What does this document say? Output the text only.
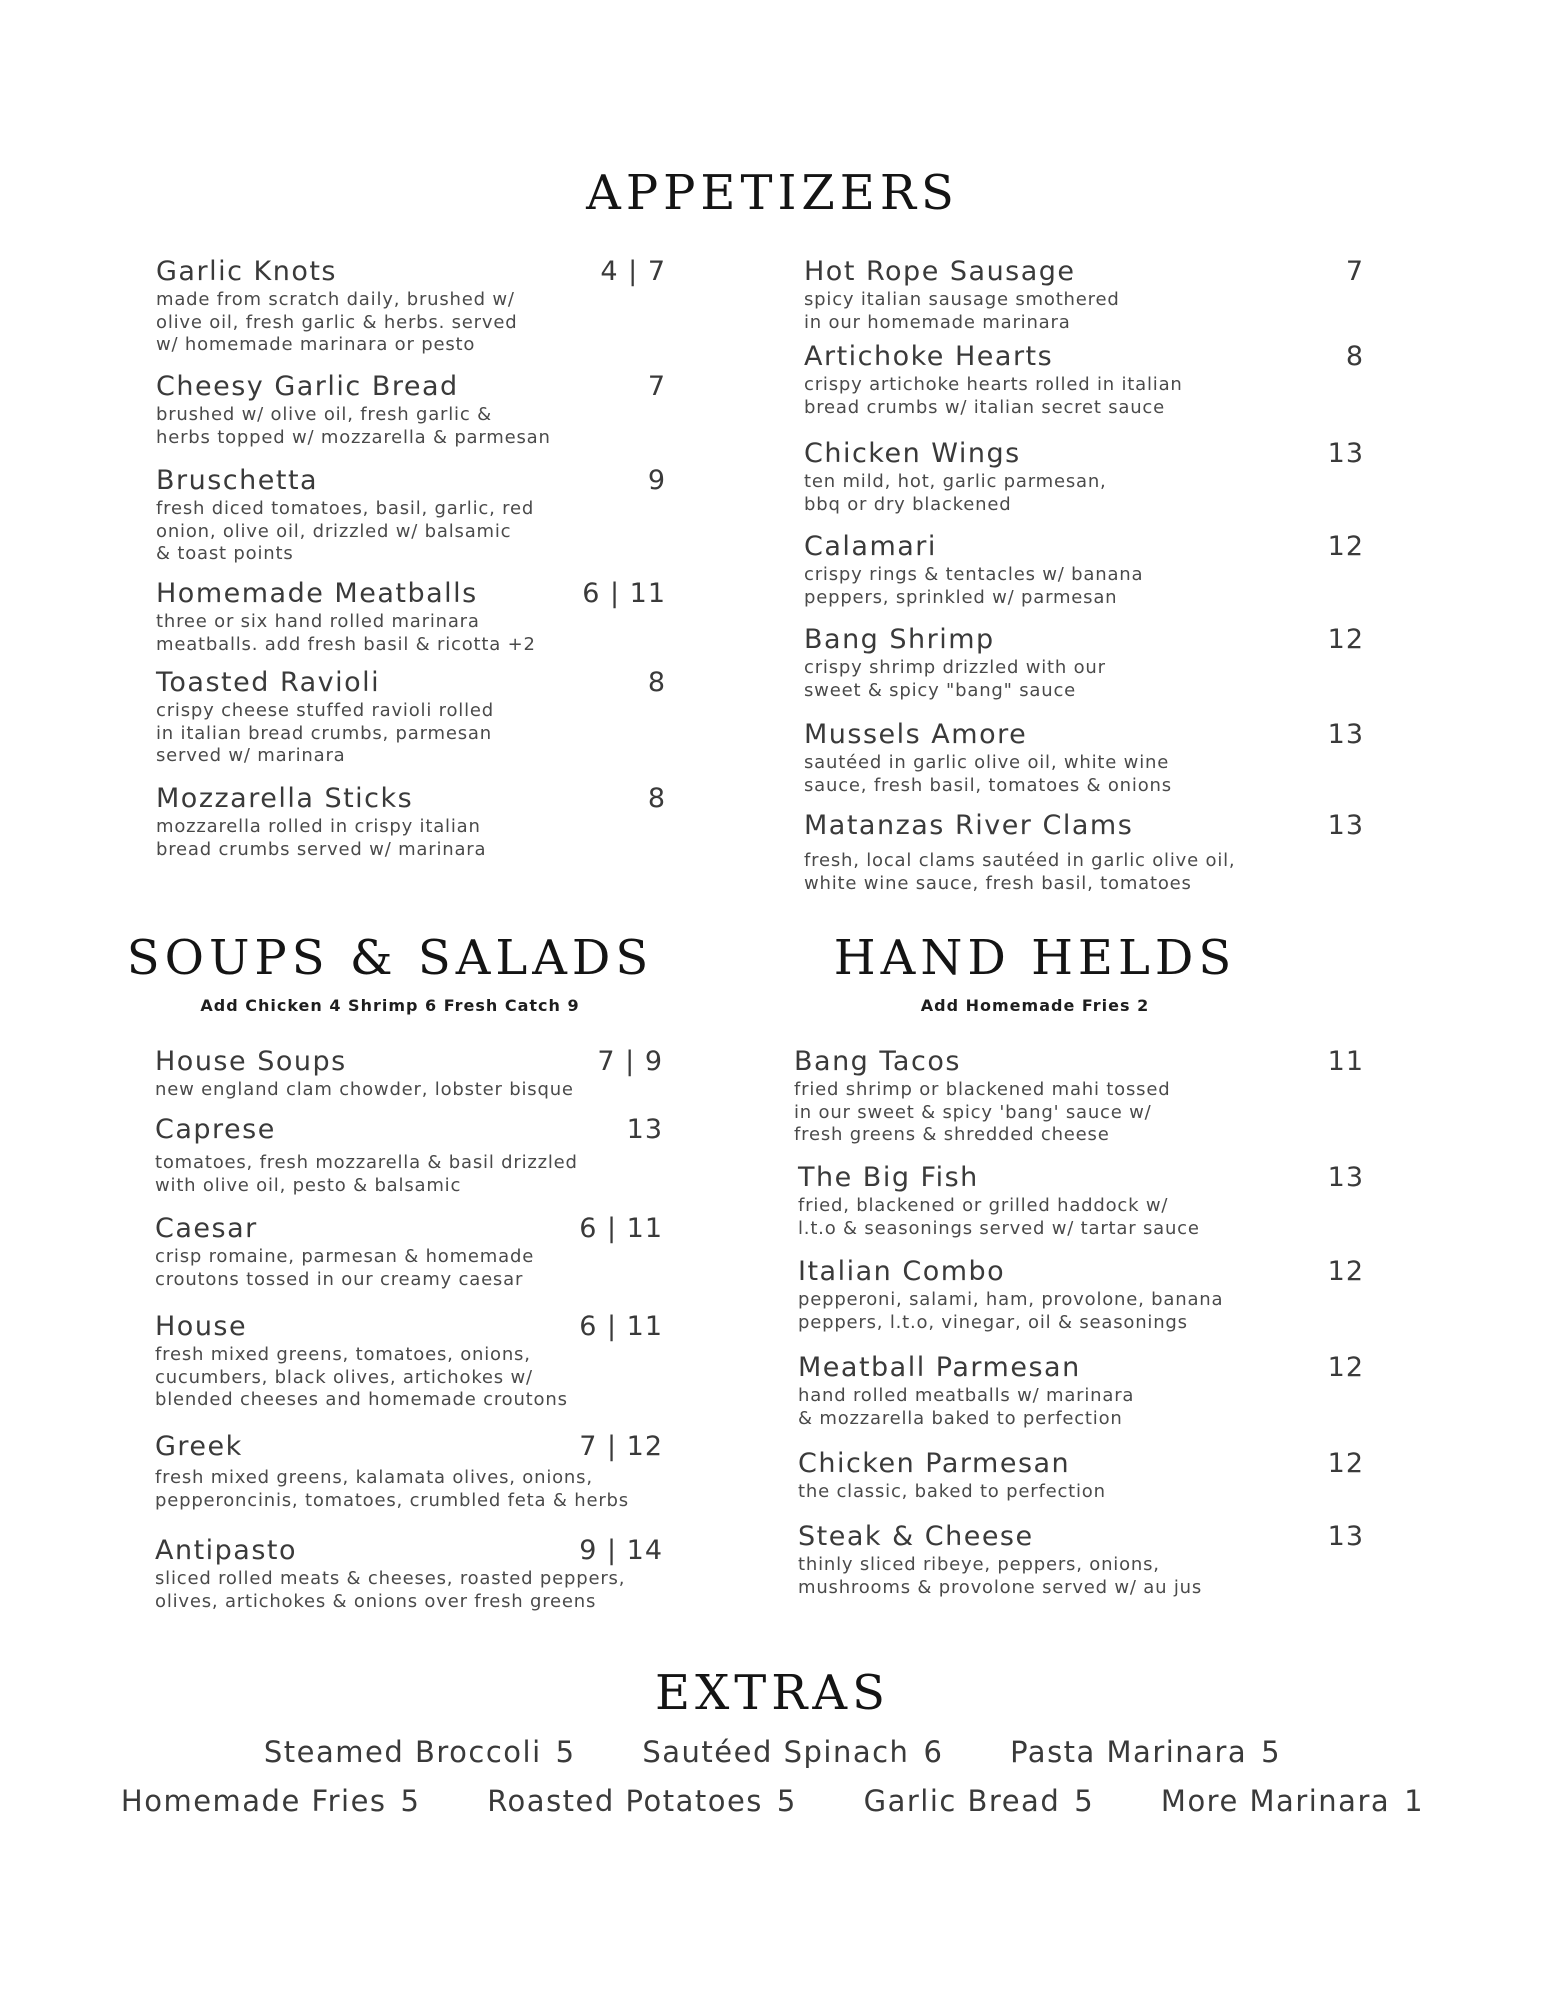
APPETIZERS
Garlic Knots	4 | 7
made from scratch daily, brushed w/
olive oil, fresh garlic & herbs. served
w/ homemade marinara or pesto
Cheesy Garlic Bread	7
brushed w/ olive oil, fresh garlic &
herbs topped w/ mozzarella & parmesan
Bruschetta	9
fresh diced tomatoes, basil, garlic, red
onion, olive oil, drizzled w/ balsamic
& toast points
Homemade Meatballs	6 | 11
three or six hand rolled marinara
meatballs. add fresh basil & ricotta +2
Toasted Ravioli	8
crispy cheese stuffed ravioli rolled
in italian bread crumbs, parmesan
served w/ marinara
Mozzarella Sticks	8
mozzarella rolled in crispy italian
bread crumbs served w/ marinara
Hot Rope Sausage	7
spicy italian sausage smothered
in our homemade marinara
Artichoke Hearts	8
crispy artichoke hearts rolled in italian
bread crumbs w/ italian secret sauce
Chicken Wings	13
ten mild, hot, garlic parmesan,
bbq or dry blackened
Calamari	12
crispy rings & tentacles w/ banana
peppers, sprinkled w/ parmesan
Bang Shrimp	12
crispy shrimp drizzled with our
sweet & spicy "bang" sauce
Mussels Amore	13
sautéed in garlic olive oil, white wine
sauce, fresh basil, tomatoes & onions
Matanzas River Clams	13
fresh, local clams sautéed in garlic olive oil,
white wine sauce, fresh basil, tomatoes
SOUPS & SALADS
Add Chicken 4 Shrimp 6 Fresh Catch 9
House Soups	7 | 9
new england clam chowder, lobster bisque
Caprese	13
tomatoes, fresh mozzarella & basil drizzled
with olive oil, pesto & balsamic
Caesar	6 | 11
crisp romaine, parmesan & homemade
croutons tossed in our creamy caesar
House	6 | 11
fresh mixed greens, tomatoes, onions,
cucumbers, black olives, artichokes w/
blended cheeses and homemade croutons
Greek	7 | 12
fresh mixed greens, kalamata olives, onions,
pepperoncinis, tomatoes, crumbled feta & herbs
Antipasto	9 | 14
sliced rolled meats & cheeses, roasted peppers,
olives, artichokes & onions over fresh greens
HAND HELDS
Add Homemade Fries 2
Bang Tacos	11
fried shrimp or blackened mahi tossed
in our sweet & spicy 'bang' sauce w/
fresh greens & shredded cheese
The Big Fish	13
fried, blackened or grilled haddock w/
l.t.o & seasonings served w/ tartar sauce
Italian Combo	12
pepperoni, salami, ham, provolone, banana
peppers, l.t.o, vinegar, oil & seasonings
Meatball Parmesan	12
hand rolled meatballs w/ marinara
& mozzarella baked to perfection
Chicken Parmesan	12
the classic, baked to perfection
Steak & Cheese	13
thinly sliced ribeye, peppers, onions,
mushrooms & provolone served w/ au jus
EXTRAS
Steamed Broccoli 5 Sautéed Spinach 6 Pasta Marinara 5
Homemade Fries 5 Roasted Potatoes 5 Garlic Bread 5 More Marinara 1
